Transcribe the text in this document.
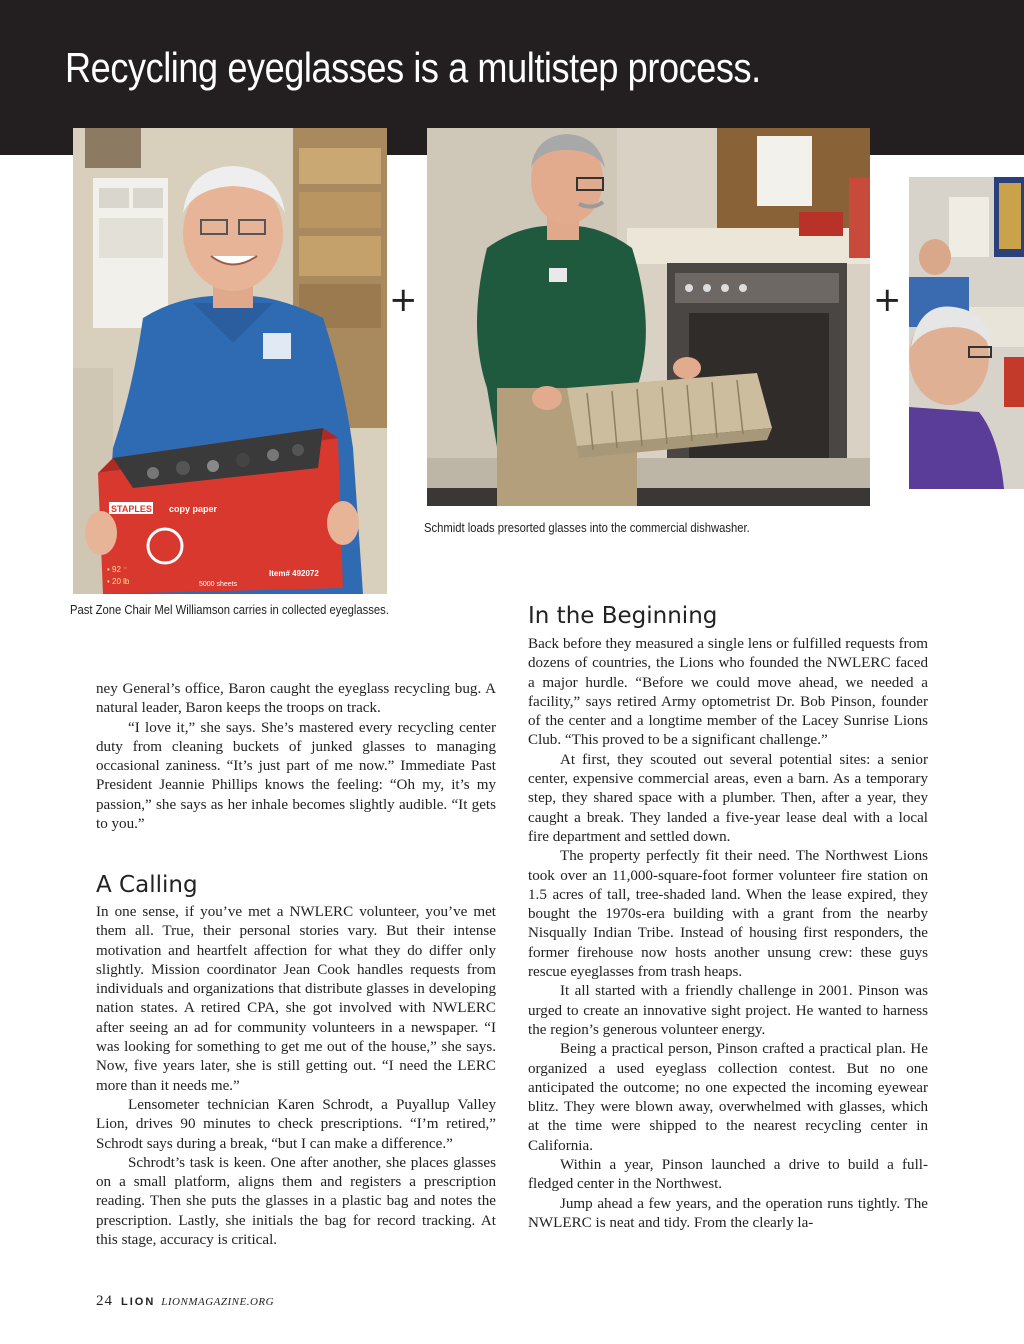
Recycling eyeglasses is a multistep process.
STAPLES copy paper
Item# 492072
5000 sheets
• 92 ⁻
• 20 lb
+	+

Past Zone Chair Mel Williamson carries in collected eyeglasses.

Schmidt loads presorted glasses into the commercial dishwasher.

In the Beginning
A Calling

ney General’s office, Baron caught the eyeglass recycling bug. A natural leader, Baron keeps the troops on track.

“I love it,” she says. She’s mastered every recycling center duty from cleaning buckets of junked glasses to managing occasional zaniness. “It’s just part of me now.” Immediate Past President Jeannie Phillips knows the feeling: “Oh my, it’s my passion,” she says as her inhale becomes slightly audible. “It gets to you.”

In one sense, if you’ve met a NWLERC volunteer, you’ve met them all. True, their personal stories vary. But their intense motivation and heartfelt affection for what they do differ only slightly. Mission coordinator Jean Cook handles requests from individuals and organizations that distribute glasses in developing nation states. A retired CPA, she got involved with NWLERC after seeing an ad for community volunteers in a newspaper. “I was looking for something to get me out of the house,” she says. Now, five years later, she is still getting out. “I need the LERC more than it needs me.”

Lensometer technician Karen Schrodt, a Puyallup Valley Lion, drives 90 minutes to check prescriptions. “I’m retired,” Schrodt says during a break, “but I can make a difference.”

Schrodt’s task is keen. One after another, she places glasses on a small platform, aligns them and registers a prescription reading. Then she puts the glasses in a plastic bag and notes the prescription. Lastly, she initials the bag for record tracking. At this stage, accuracy is critical.

Back before they measured a single lens or fulfilled requests from dozens of countries, the Lions who founded the NWLERC faced a major hurdle. “Before we could move ahead, we needed a facility,” says retired Army optometrist Dr. Bob Pinson, founder of the center and a longtime member of the Lacey Sunrise Lions Club. “This proved to be a significant challenge.”

At first, they scouted out several potential sites: a senior center, expensive commercial areas, even a barn. As a temporary step, they shared space with a plumber. Then, after a year, they caught a break. They landed a five-year lease deal with a local fire department and settled down.

The property perfectly fit their need. The Northwest Lions took over an 11,000-square-foot former volunteer fire station on 1.5 acres of tall, tree-shaded land. When the lease expired, they bought the 1970s-era building with a grant from the nearby Nisqually Indian Tribe. Instead of housing first responders, the former firehouse now hosts another unsung crew: these guys rescue eyeglasses from trash heaps.

It all started with a friendly challenge in 2001. Pinson was urged to create an innovative sight project. He wanted to harness the region’s generous volunteer energy.

Being a practical person, Pinson crafted a practical plan. He organized a used eyeglass collection contest. But no one anticipated the outcome; no one expected the incoming eyewear blitz. They were blown away, overwhelmed with glasses, which at the time were shipped to the nearest recycling center in California.

Within a year, Pinson launched a drive to build a full-fledged center in the Northwest.

Jump ahead a few years, and the operation runs tightly. The NWLERC is neat and tidy. From the clearly la-

24 LION LIONMAGAZINE.ORG
